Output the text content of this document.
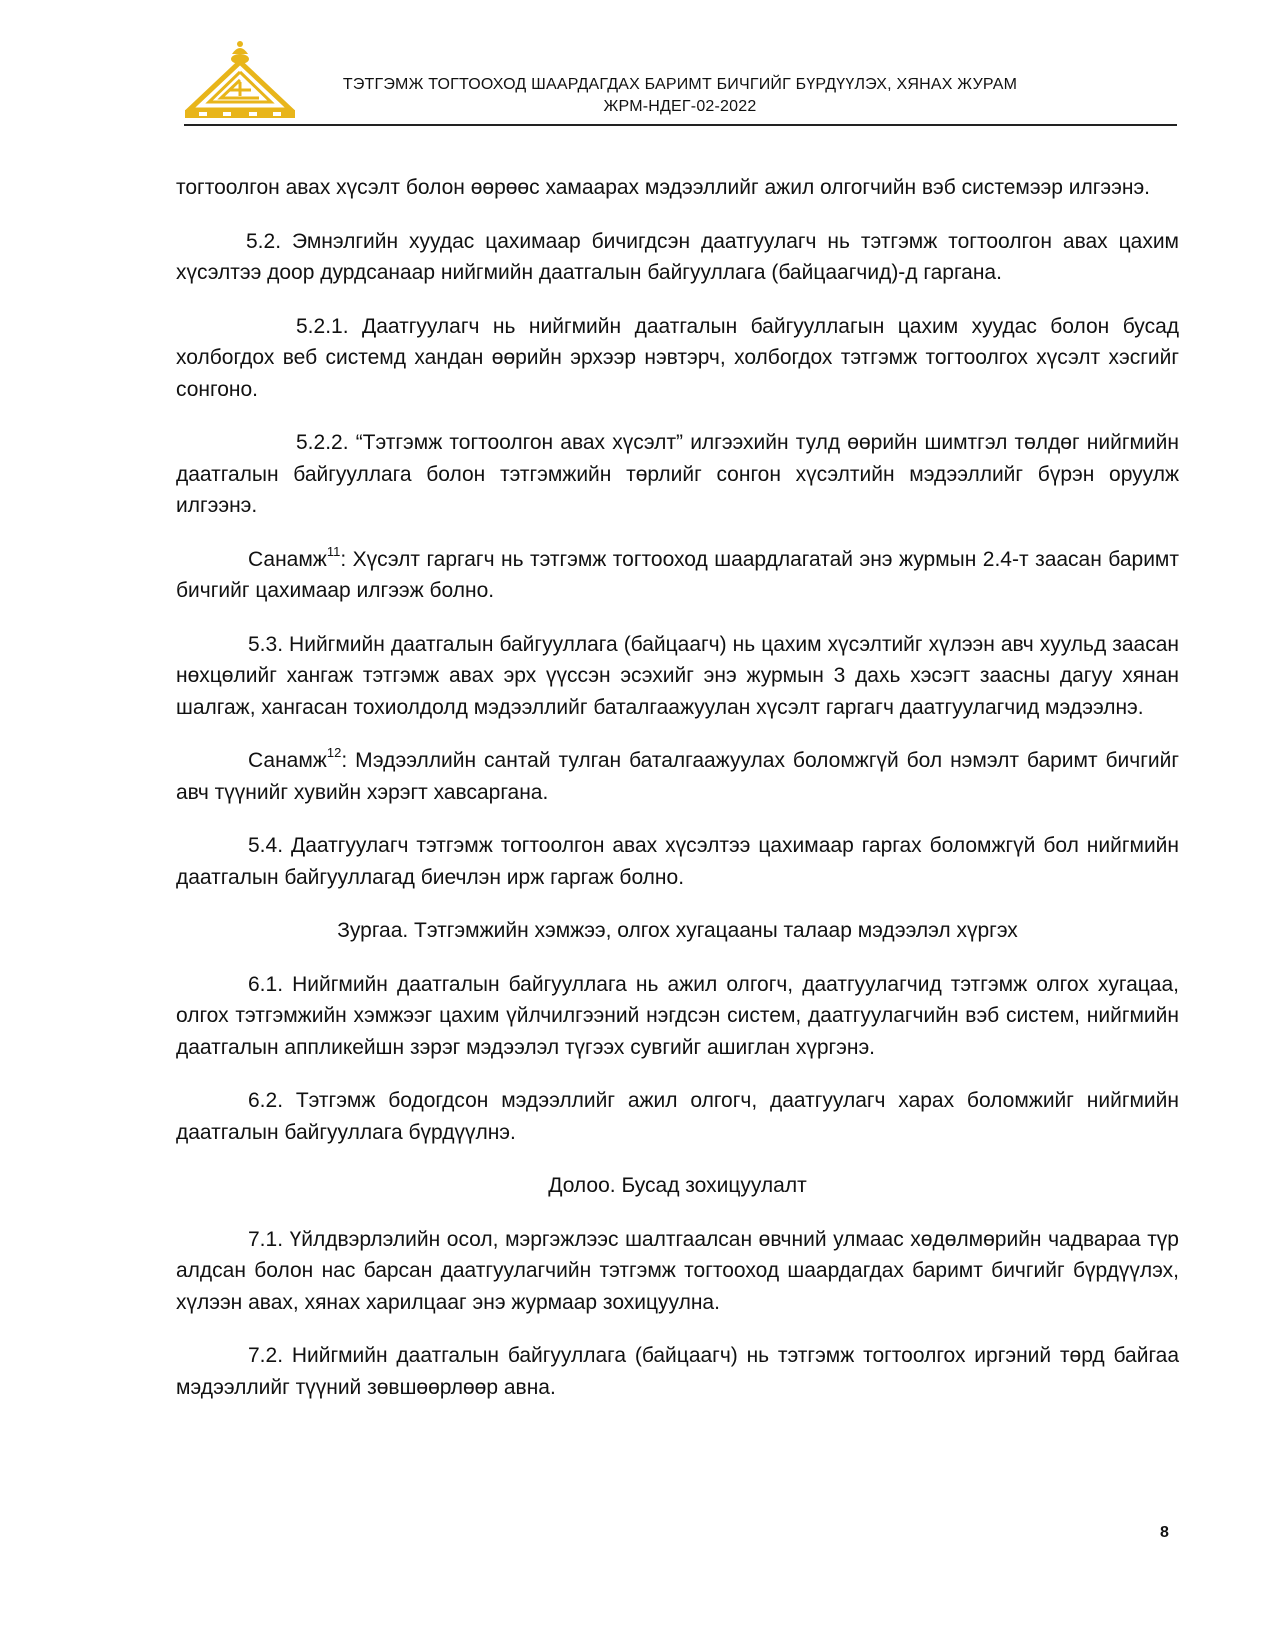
ТЭТГЭМЖ ТОГТООХОД ШААРДАГДАХ БАРИМТ БИЧГИЙГ БҮРДҮҮЛЭХ, ХЯНАХ ЖУРАМ
ЖРМ-НДЕГ-02-2022

тогтоолгон авах хүсэлт болон өөрөөс хамаарах мэдээллийг ажил олгогчийн вэб системээр илгээнэ.

5.2. Эмнэлгийн хуудас цахимаар бичигдсэн даатгуулагч нь тэтгэмж тогтоолгон авах цахим хүсэлтээ доор дурдсанаар нийгмийн даатгалын байгууллага (байцаагчид)-д гаргана.

5.2.1. Даатгуулагч нь нийгмийн даатгалын байгууллагын цахим хуудас болон бусад холбогдох веб системд хандан өөрийн эрхээр нэвтэрч, холбогдох тэтгэмж тогтоолгох хүсэлт хэсгийг сонгоно.

5.2.2. “Тэтгэмж тогтоолгон авах хүсэлт” илгээхийн тулд өөрийн шимтгэл төлдөг нийгмийн даатгалын байгууллага болон тэтгэмжийн төрлийг сонгон хүсэлтийн мэдээллийг бүрэн оруулж илгээнэ.

Санамж$^{11}$: Хүсэлт гаргагч нь тэтгэмж тогтооход шаардлагатай энэ журмын 2.4-т заасан баримт бичгийг цахимаар илгээж болно.

5.3. Нийгмийн даатгалын байгууллага (байцаагч) нь цахим хүсэлтийг хүлээн авч хуульд заасан нөхцөлийг хангаж тэтгэмж авах эрх үүссэн эсэхийг энэ журмын 3 дахь хэсэгт заасны дагуу хянан шалгаж, хангасан тохиолдолд мэдээллийг баталгаажуулан хүсэлт гаргагч даатгуулагчид мэдээлнэ.

Санамж$^{12}$: Мэдээллийн сантай тулган баталгаажуулах боломжгүй бол нэмэлт баримт бичгийг авч түүнийг хувийн хэрэгт хавсаргана.

5.4. Даатгуулагч тэтгэмж тогтоолгон авах хүсэлтээ цахимаар гаргах боломжгүй бол нийгмийн даатгалын байгууллагад биечлэн ирж гаргаж болно.

Зургаа. Тэтгэмжийн хэмжээ, олгох хугацааны талаар мэдээлэл хүргэх

6.1. Нийгмийн даатгалын байгууллага нь ажил олгогч, даатгуулагчид тэтгэмж олгох хугацаа, олгох тэтгэмжийн хэмжээг цахим үйлчилгээний нэгдсэн систем, даатгуулагчийн вэб систем, нийгмийн даатгалын аппликейшн зэрэг мэдээлэл түгээх сувгийг ашиглан хүргэнэ.

6.2. Тэтгэмж бодогдсон мэдээллийг ажил олгогч, даатгуулагч харах боломжийг нийгмийн даатгалын байгууллага бүрдүүлнэ.

Долоо. Бусад зохицуулалт

7.1. Үйлдвэрлэлийн осол, мэргэжлээс шалтгаалсан өвчний улмаас хөдөлмөрийн чадвараа түр алдсан болон нас барсан даатгуулагчийн тэтгэмж тогтооход шаардагдах баримт бичгийг бүрдүүлэх, хүлээн авах, хянах харилцааг энэ журмаар зохицуулна.

7.2. Нийгмийн даатгалын байгууллага (байцаагч) нь тэтгэмж тогтоолгох иргэний төрд байгаа мэдээллийг түүний зөвшөөрлөөр авна.

8
